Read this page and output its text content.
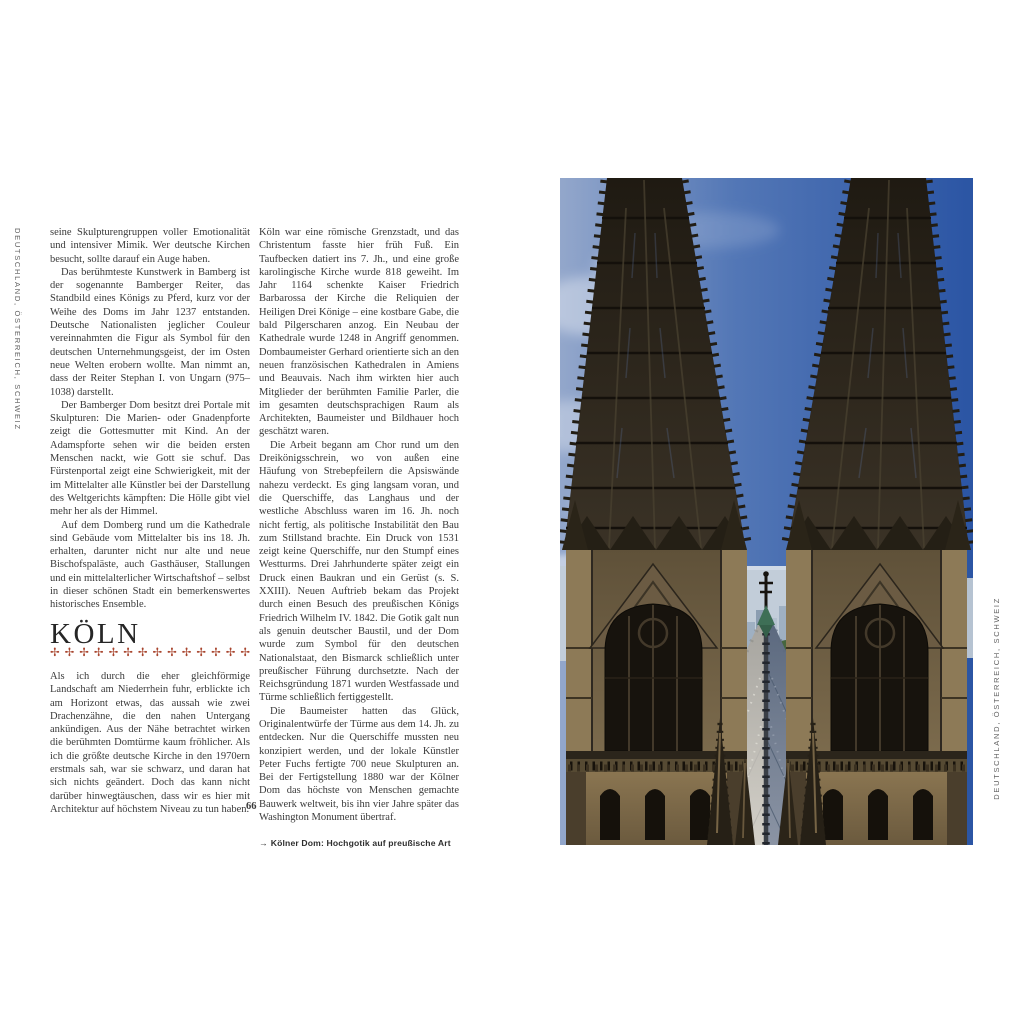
DEUTSCHLAND, ÖSTERREICH, SCHWEIZ	seine Skulpturengruppen voller Emotionalität und intensiver Mimik. Wer deutsche Kirchen besucht, sollte darauf ein Auge haben.

Das berühmteste Kunstwerk in Bamberg ist der sogenannte Bamberger Reiter, das Standbild eines Königs zu Pferd, kurz vor der Weihe des Doms im Jahr 1237 entstanden. Deutsche Nationalisten jeglicher Couleur vereinnahmten die Figur als Symbol für den deutschen Unternehmungsgeist, der im Osten neue Welten erobern wollte. Man nimmt an, dass der Reiter Stephan I. von Ungarn (975–1038) darstellt.

Der Bamberger Dom besitzt drei Portale mit Skulpturen: Die Marien- oder Gnadenpforte zeigt die Gottesmutter mit Kind. An der Adamspforte sehen wir die beiden ersten Menschen nackt, wie Gott sie schuf. Das Fürstenportal zeigt eine Schwierigkeit, mit der im Mittelalter alle Künstler bei der Darstellung des Weltgerichts kämpften: Die Hölle gibt viel mehr her als der Himmel.

Auf dem Domberg rund um die Kathedrale sind Gebäude vom Mittelalter bis ins 18. Jh. erhalten, darunter nicht nur alte und neue Bischofspaläste, auch Gasthäuser, Stallungen und ein mittelalterlicher Wirtschaftshof – selbst in dieser schönen Stadt ein bemerkenswertes historisches Ensemble.

KÖLN
✢ ✢ ✢ ✢ ✢ ✢ ✢ ✢ ✢ ✢ ✢ ✢ ✢ ✢

Als ich durch die eher gleichförmige Landschaft am Niederrhein fuhr, erblickte ich am Horizont etwas, das aussah wie zwei Drachenzähne, die den nahen Untergang ankündigen. Aus der Nähe betrachtet wirken die berühmten Domtürme kaum fröhlicher. Als ich die größte deutsche Kirche in den 1970ern erstmals sah, war sie schwarz, und daran hat sich nichts geändert. Doch das kann nicht darüber hinwegtäuschen, dass wir es hier mit Architektur auf höchstem Niveau zu tun haben.

Köln war eine römische Grenzstadt, und das Christentum fasste hier früh Fuß. Ein Taufbecken datiert ins 7. Jh., und eine große karolingische Kirche wurde 818 geweiht. Im Jahr 1164 schenkte Kaiser Friedrich Barbarossa der Kirche die Reliquien der Heiligen Drei Könige – eine kostbare Gabe, die bald Pilgerscharen anzog. Ein Neubau der Kathedrale wurde 1248 in Angriff genommen. Dombaumeister Gerhard orientierte sich an den neuen französischen Kathedralen in Amiens und Beauvais. Nach ihm wirkten hier auch Mitglieder der berühmten Familie Parler, die im gesamten deutschsprachigen Raum als Architekten, Baumeister und Bildhauer hoch geschätzt waren.

Die Arbeit begann am Chor rund um den Dreikönigsschrein, wo von außen eine Häufung von Strebepfeilern die Apsiswände nahezu verdeckt. Es ging langsam voran, und die Querschiffe, das Langhaus und der westliche Abschluss waren im 16. Jh. noch nicht fertig, als politische Instabilität den Bau zum Stillstand brachte. Ein Druck von 1531 zeigt keine Querschiffe, nur den Stumpf eines Westturms. Drei Jahrhunderte später zeigt ein Druck einen Baukran und ein Gerüst (s. S. XXIII). Neuen Auftrieb bekam das Projekt durch einen Besuch des preußischen Königs Friedrich Wilhelm IV. 1842. Die Gotik galt nun als genuin deutscher Baustil, und der Dom wurde zum Symbol für den deutschen Nationalstaat, den Bismarck schließlich unter preußischer Führung durchsetzte. Nach der Reichsgründung 1871 wurden Westfassade und Türme schließlich fertiggestellt.

Die Baumeister hatten das Glück, Originalentwürfe der Türme aus dem 14. Jh. zu entdecken. Nur die Querschiffe mussten neu konzipiert werden, und der lokale Künstler Peter Fuchs fertigte 700 neue Skulpturen an. Bei der Fertigstellung 1880 war der Kölner Dom das höchste von Menschen gemachte Bauwerk weltweit, bis ihn vier Jahre später das Washington Monument übertraf.

→ Kölner Dom: Hochgotik auf preußische Art
66
DEUTSCHLAND, ÖSTERREICH, SCHWEIZ
